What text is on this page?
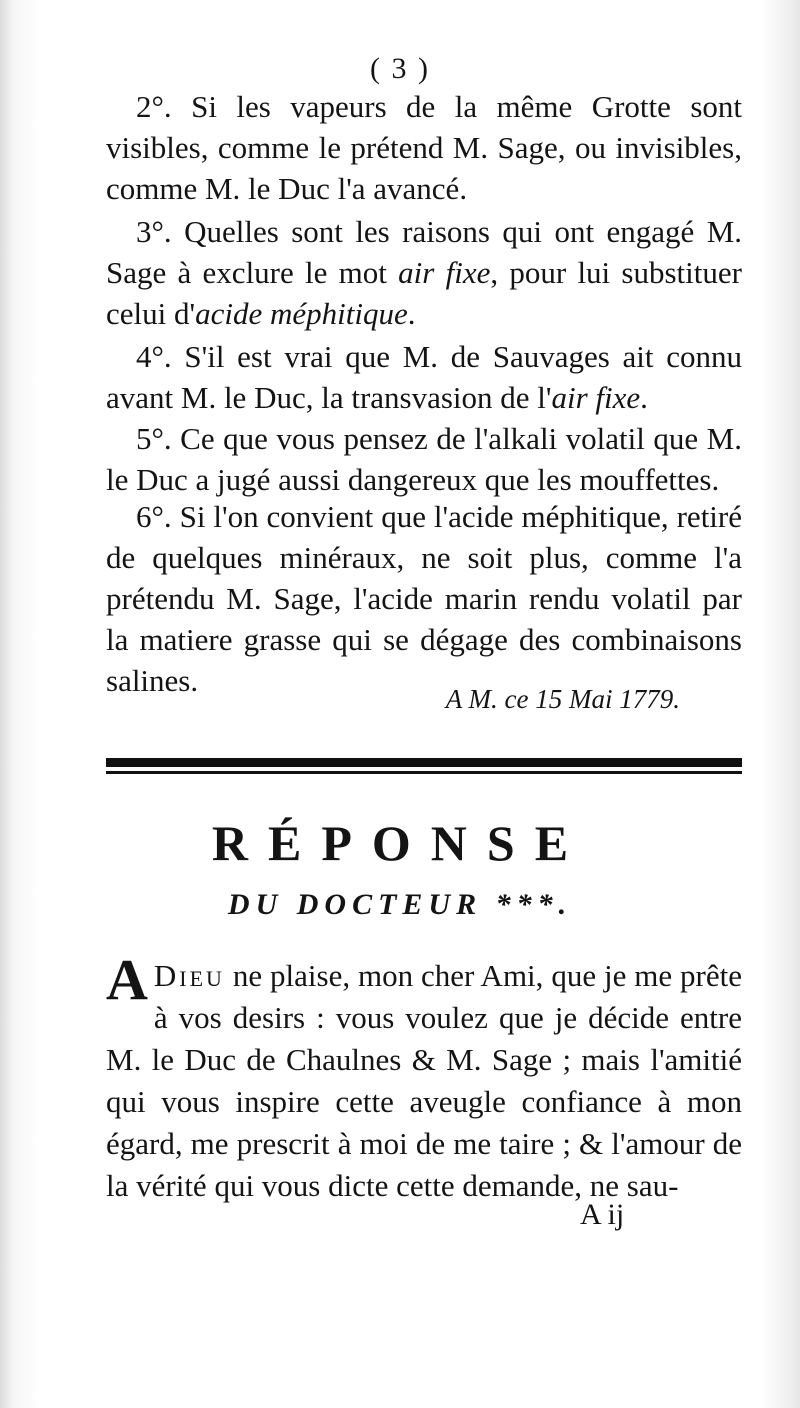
( 3 )
2°. Si les vapeurs de la même Grotte sont visibles, comme le prétend M. Sage, ou invisibles, comme M. le Duc l'a avancé.
3°. Quelles sont les raisons qui ont engagé M. Sage à exclure le mot air fixe, pour lui substituer celui d'acide méphitique.
4°. S'il est vrai que M. de Sauvages ait connu avant M. le Duc, la transvasion de l'air fixe.
5°. Ce que vous pensez de l'alkali volatil que M. le Duc a jugé aussi dangereux que les mouffettes.
6°. Si l'on convient que l'acide méphitique, retiré de quelques minéraux, ne soit plus, comme l'a prétendu M. Sage, l'acide marin rendu volatil par la matiere grasse qui se dégage des combinaisons salines.
A M. ce 15 Mai 1779.
RÉPONSE
DU DOCTEUR ***.
A Dieu ne plaise, mon cher Ami, que je me prête à vos desirs : vous voulez que je décide entre M. le Duc de Chaulnes & M. Sage ; mais l'amitié qui vous inspire cette aveugle confiance à mon égard, me prescrit à moi de me taire ; & l'amour de la vérité qui vous dicte cette demande, ne sau-
A ij
